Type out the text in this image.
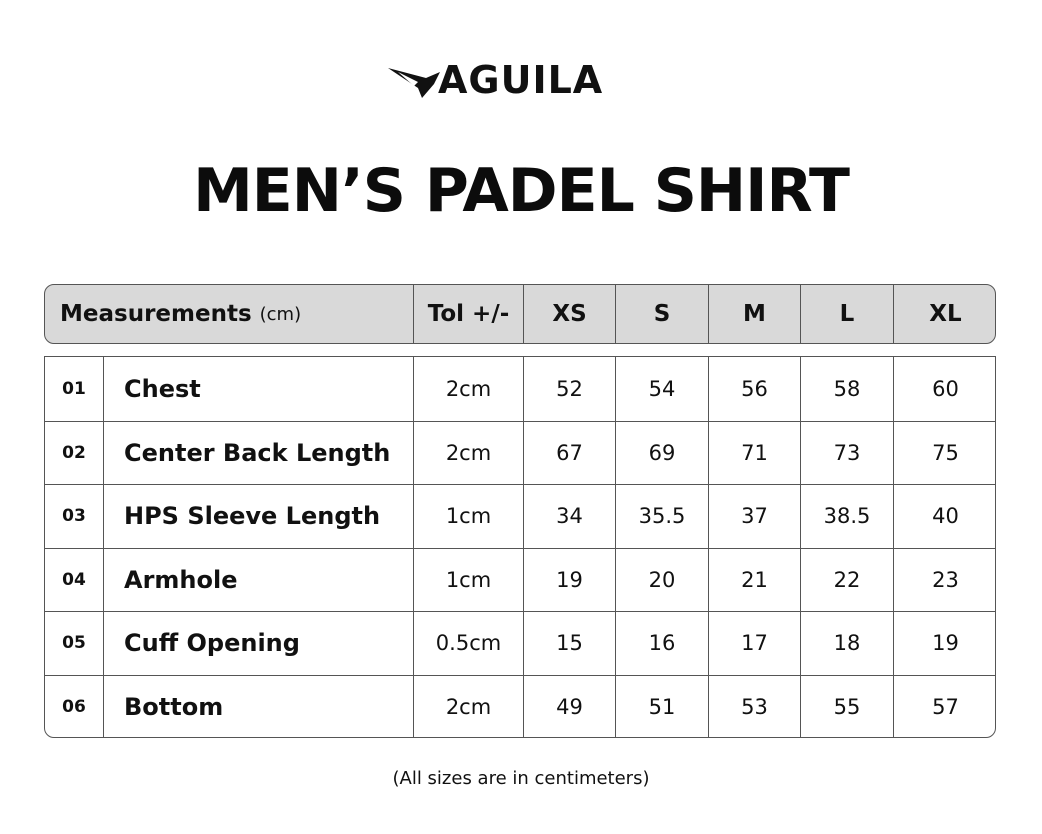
AGUILA
MEN’S PADEL SHIRT
Measurements (cm)	Tol +/-	XS	S	M	L	XL
01	Chest	2cm	52	54	56	58	60
02	Center Back Length	2cm	67	69	71	73	75
03	HPS Sleeve Length	1cm	34	35.5	37	38.5	40
04	Armhole	1cm	19	20	21	22	23
05	Cuff Opening	0.5cm	15	16	17	18	19
06	Bottom	2cm	49	51	53	55	57
(All sizes are in centimeters)
